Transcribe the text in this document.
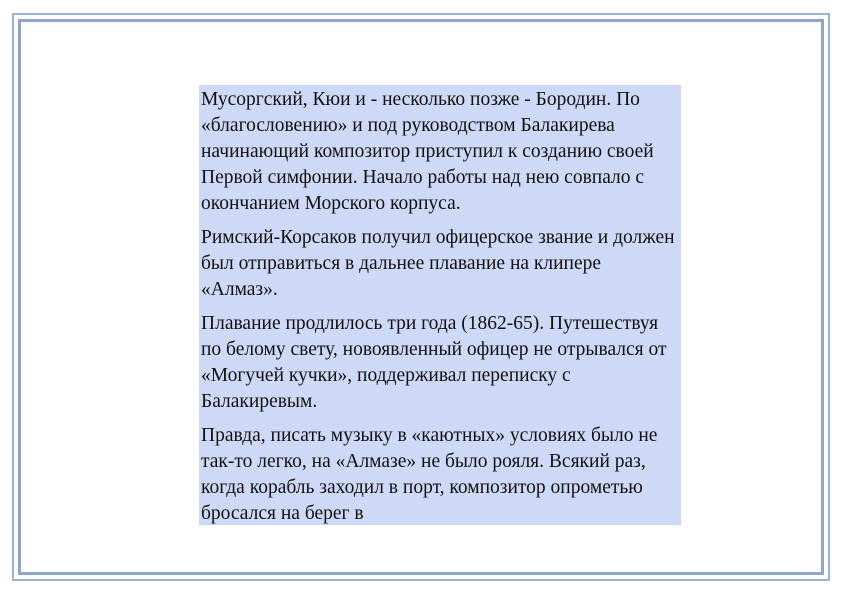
Мусоргский, Кюи и - несколько позже - Бородин. По «благословению» и под руководством Балакирева начинающий композитор приступил к созданию своей Первой симфонии. Начало работы над нею совпало с окончанием Морского корпуса.

Римский-Корсаков получил офицерское звание и должен был отправиться в дальнее плавание на клипере «Алмаз».

Плавание продлилось три года (1862-65). Путешествуя по белому свету, новоявленный офицер не отрывался от «Могучей кучки», поддерживал переписку с Балакиревым.

Правда, писать музыку в «каютных» условиях было не так-то легко, на «Алмазе» не было рояля. Всякий раз, когда корабль заходил в порт, композитор опрометью бросался на берег в
